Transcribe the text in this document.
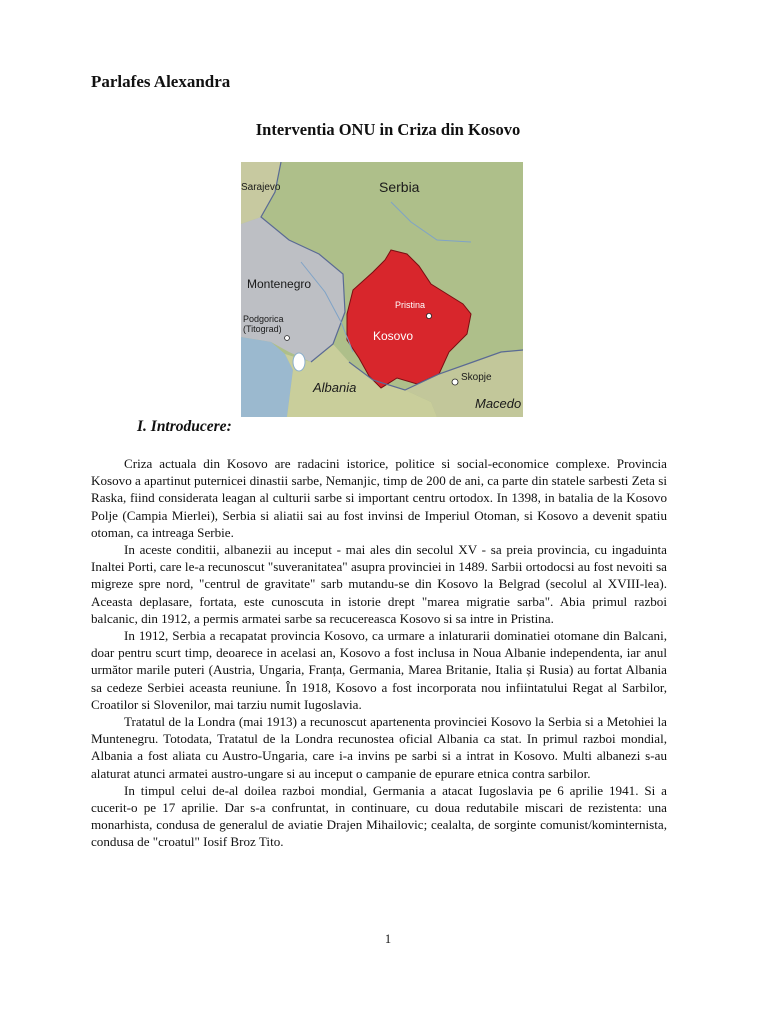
Parlafes Alexandra
Interventia ONU in Criza din Kosovo
Sarajevo	Serbia
Montenegro
Podgorica
(Titograd)
Pristina
Kosovo
Albania
Skopje
Macedo
I. Introducere:

Criza actuala din Kosovo are radacini istorice, politice si social-economice complexe. Provincia Kosovo a apartinut puternicei dinastii sarbe, Nemanjic, timp de 200 de ani, ca parte din statele sarbesti Zeta si Raska, fiind considerata leagan al culturii sarbe si important centru ortodox. In 1398, in batalia de la Kosovo Polje (Campia Mierlei), Serbia si aliatii sai au fost invinsi de Imperiul Otoman, si Kosovo a devenit spatiu otoman, ca intreaga Serbie.

In aceste conditii, albanezii au inceput - mai ales din secolul XV - sa preia provincia, cu ingaduinta Inaltei Porti, care le-a recunoscut "suveranitatea" asupra provinciei in 1489. Sarbii ortodocsi au fost nevoiti sa migreze spre nord, "centrul de gravitate" sarb mutandu-se din Kosovo la Belgrad (secolul al XVIII-lea). Aceasta deplasare, fortata, este cunoscuta in istorie drept "marea migratie sarba". Abia primul razboi balcanic, din 1912, a permis armatei sarbe sa recucereasca Kosovo si sa intre in Pristina.

In 1912, Serbia a recapatat provincia Kosovo, ca urmare a inlaturarii dominatiei otomane din Balcani, doar pentru scurt timp, deoarece in acelasi an, Kosovo a fost inclusa in Noua Albanie independenta, iar anul următor marile puteri (Austria, Ungaria, Franța, Germania, Marea Britanie, Italia și Rusia) au fortat Albania sa cedeze Serbiei aceasta reuniune. În 1918, Kosovo a fost incorporata nou infiintatului Regat al Sarbilor, Croatilor si Slovenilor, mai tarziu numit Iugoslavia.

Tratatul de la Londra (mai 1913) a recunoscut apartenenta provinciei Kosovo la Serbia si a Metohiei la Muntenegru. Totodata, Tratatul de la Londra recunostea oficial Albania ca stat. In primul razboi mondial, Albania a fost aliata cu Austro-Ungaria, care i-a invins pe sarbi si a intrat in Kosovo. Multi albanezi s-au alaturat atunci armatei austro-ungare si au inceput o campanie de epurare etnica contra sarbilor.

In timpul celui de-al doilea razboi mondial, Germania a atacat Iugoslavia pe 6 aprilie 1941. Si a cucerit-o pe 17 aprilie. Dar s-a confruntat, in continuare, cu doua redutabile miscari de rezistenta: una monarhista, condusa de generalul de aviatie Drajen Mihailovic; cealalta, de sorginte comunist/kominternista, condusa de "croatul" Iosif Broz Tito.

1
